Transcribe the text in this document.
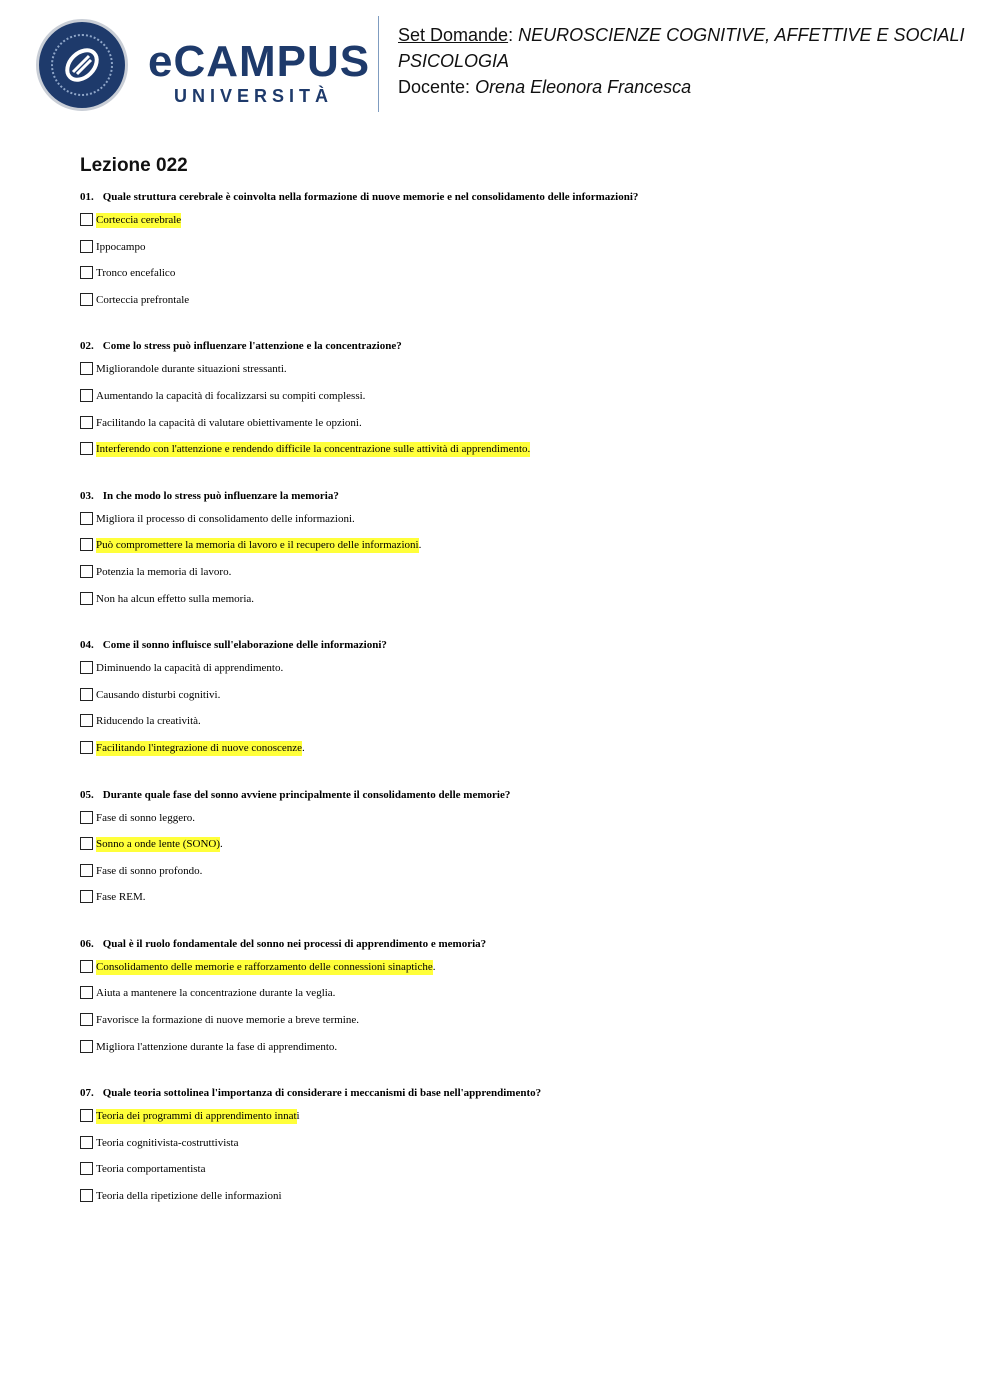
eCAMPUS
UNIVERSITÀ
Set Domande: NEUROSCIENZE COGNITIVE, AFFETTIVE E SOCIALI
PSICOLOGIA
Docente: Orena Eleonora Francesca
Lezione 022
01. Quale struttura cerebrale è coinvolta nella formazione di nuove memorie e nel consolidamento delle informazioni?
Corteccia cerebrale
Ippocampo
Tronco encefalico
Corteccia prefrontale
02. Come lo stress può influenzare l'attenzione e la concentrazione?
Migliorandole durante situazioni stressanti.
Aumentando la capacità di focalizzarsi su compiti complessi.
Facilitando la capacità di valutare obiettivamente le opzioni.
Interferendo con l'attenzione e rendendo difficile la concentrazione sulle attività di apprendimento.
03. In che modo lo stress può influenzare la memoria?
Migliora il processo di consolidamento delle informazioni.
Può compromettere la memoria di lavoro e il recupero delle informazioni .
Potenzia la memoria di lavoro.
Non ha alcun effetto sulla memoria.
04. Come il sonno influisce sull'elaborazione delle informazioni?
Diminuendo la capacità di apprendimento.
Causando disturbi cognitivi.
Riducendo la creatività.
Facilitando l'integrazione di nuove conoscenze .
05. Durante quale fase del sonno avviene principalmente il consolidamento delle memorie?
Fase di sonno leggero.
Sonno a onde lente (SONO) .
Fase di sonno profondo.
Fase REM.
06. Qual è il ruolo fondamentale del sonno nei processi di apprendimento e memoria?
Consolidamento delle memorie e rafforzamento delle connessioni sinaptiche .
Aiuta a mantenere la concentrazione durante la veglia.
Favorisce la formazione di nuove memorie a breve termine.
Migliora l'attenzione durante la fase di apprendimento.
07. Quale teoria sottolinea l'importanza di considerare i meccanismi di base nell'apprendimento?
Teoria dei programmi di apprendimento innat i
Teoria cognitivista-costruttivista
Teoria comportamentista
Teoria della ripetizione delle informazioni
